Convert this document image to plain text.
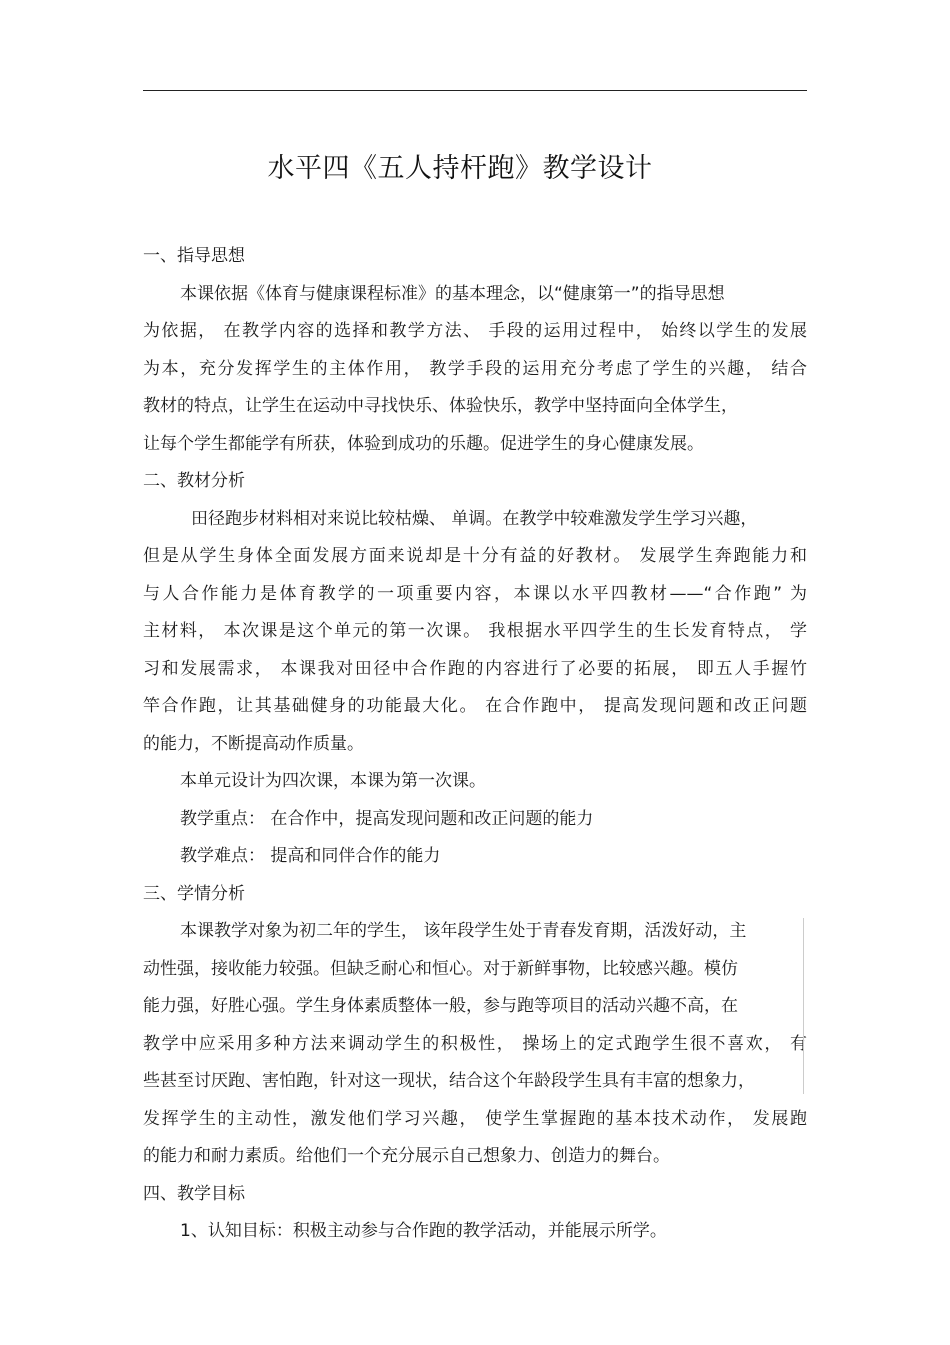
水平四《五人持杆跑》教学设计
一、指导思想
本课依据《体育与健康课程标准》的基本理念，以“健康第一”的指导思想
为依据， 在教学内容的选择和教学方法、 手段的运用过程中， 始终以学生的发展
为本，充分发挥学生的主体作用， 教学手段的运用充分考虑了学生的兴趣， 结合
教材的特点，让学生在运动中寻找快乐、体验快乐，教学中坚持面向全体学生，
让每个学生都能学有所获，体验到成功的乐趣。促进学生的身心健康发展。
二、教材分析
田径跑步材料相对来说比较枯燥、 单调。在教学中较难激发学生学习兴趣，
但是从学生身体全面发展方面来说却是十分有益的好教材。 发展学生奔跑能力和
与人合作能力是体育教学的一项重要内容，本课以水平四教材——“合作跑” 为
主材料， 本次课是这个单元的第一次课。 我根据水平四学生的生长发育特点， 学
习和发展需求， 本课我对田径中合作跑的内容进行了必要的拓展， 即五人手握竹
竿合作跑，让其基础健身的功能最大化。 在合作跑中， 提高发现问题和改正问题
的能力，不断提高动作质量。
本单元设计为四次课，本课为第一次课。
教学重点： 在合作中，提高发现问题和改正问题的能力
教学难点： 提高和同伴合作的能力
三、学情分析
本课教学对象为初二年的学生， 该年段学生处于青春发育期，活泼好动，主
动性强，接收能力较强。但缺乏耐心和恒心。对于新鲜事物，比较感兴趣。模仿
能力强，好胜心强。学生身体素质整体一般，参与跑等项目的活动兴趣不高，在
教学中应采用多种方法来调动学生的积极性， 操场上的定式跑学生很不喜欢， 有
些甚至讨厌跑、害怕跑，针对这一现状，结合这个年龄段学生具有丰富的想象力，
发挥学生的主动性，激发他们学习兴趣， 使学生掌握跑的基本技术动作， 发展跑
的能力和耐力素质。给他们一个充分展示自己想象力、创造力的舞台。
四、教学目标
1、认知目标：积极主动参与合作跑的教学活动，并能展示所学。
